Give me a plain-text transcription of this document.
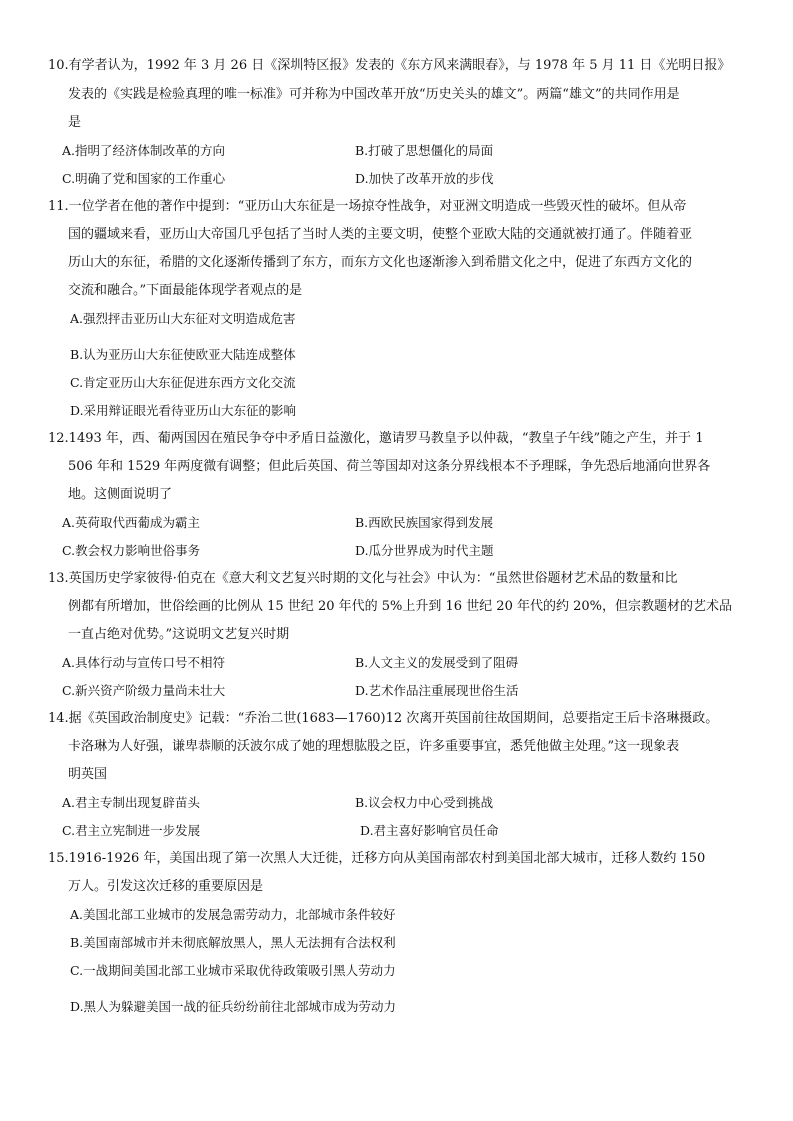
10.有学者认为，1992 年 3 月 26 日《深圳特区报》发表的《东方风来满眼春》，与 1978 年 5 月 11 日《光明日报》
发表的《实践是检验真理的唯一标准》可并称为中国改革开放“历史关头的雄文”。两篇“雄文”的共同作用是
是
A.指明了经济体制改革的方向	B.打破了思想僵化的局面
C.明确了党和国家的工作重心	D.加快了改革开放的步伐
11.一位学者在他的著作中提到：“亚历山大东征是一场掠夺性战争，对亚洲文明造成一些毁灭性的破坏。但从帝
国的疆域来看，亚历山大帝国几乎包括了当时人类的主要文明，使整个亚欧大陆的交通就被打通了。伴随着亚
历山大的东征，希腊的文化逐渐传播到了东方，而东方文化也逐渐渗入到希腊文化之中，促进了东西方文化的
交流和融合。”下面最能体现学者观点的是
A.强烈抨击亚历山大东征对文明造成危害
B.认为亚历山大东征使欧亚大陆连成整体
C.肯定亚历山大东征促进东西方文化交流
D.采用辩证眼光看待亚历山大东征的影响
12.1493 年，西、葡两国因在殖民争夺中矛盾日益激化，邀请罗马教皇予以仲裁，“教皇子午线”随之产生，并于 1
506 年和 1529 年两度微有调整；但此后英国、荷兰等国却对这条分界线根本不予理睬，争先恐后地涌向世界各
地。这侧面说明了
A.英荷取代西葡成为霸主	B.西欧民族国家得到发展
C.教会权力影响世俗事务	D.瓜分世界成为时代主题
13.英国历史学家彼得·伯克在《意大利文艺复兴时期的文化与社会》中认为：“虽然世俗题材艺术品的数量和比
例都有所增加，世俗绘画的比例从 15 世纪 20 年代的 5%上升到 16 世纪 20 年代的约 20%，但宗教题材的艺术品
一直占绝对优势。”这说明文艺复兴时期
A.具体行动与宣传口号不相符	B.人文主义的发展受到了阻碍
C.新兴资产阶级力量尚未壮大	D.艺术作品注重展现世俗生活
14.据《英国政治制度史》记载：“乔治二世(1683—1760)12 次离开英国前往故国期间，总要指定王后卡洛琳摄政。
卡洛琳为人好强，谦卑恭顺的沃波尔成了她的理想肱股之臣，许多重要事宜，悉凭他做主处理。”这一现象表
明英国
A.君主专制出现复辟苗头	B.议会权力中心受到挑战
C.君主立宪制进一步发展	D.君主喜好影响官员任命
15.1916-1926 年，美国出现了第一次黑人大迁徙，迁移方向从美国南部农村到美国北部大城市，迁移人数约 150
万人。引发这次迁移的重要原因是
A.美国北部工业城市的发展急需劳动力，北部城市条件较好
B.美国南部城市并未彻底解放黑人，黑人无法拥有合法权利
C.一战期间美国北部工业城市采取优待政策吸引黑人劳动力
D.黑人为躲避美国一战的征兵纷纷前往北部城市成为劳动力
